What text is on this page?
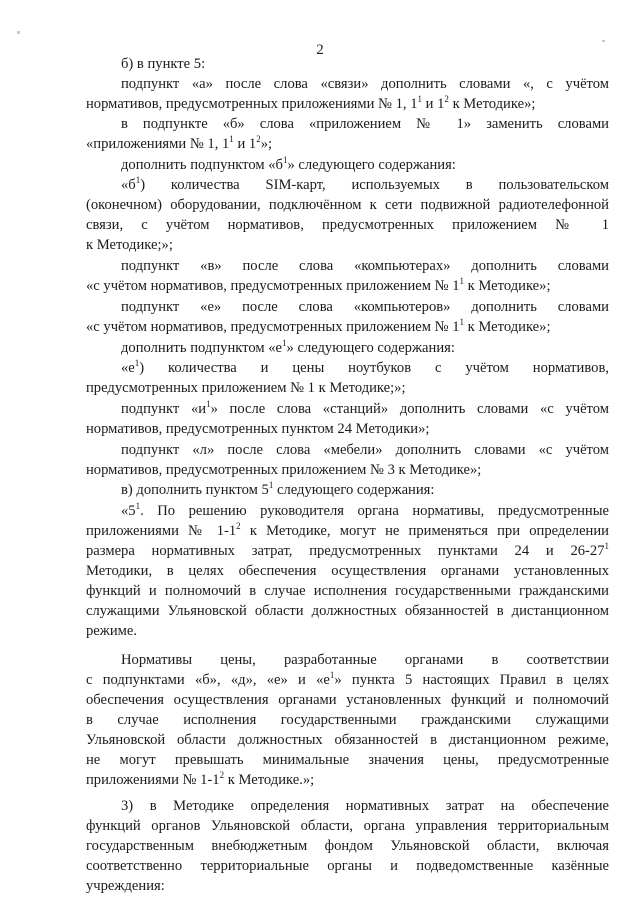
2
б) в пункте 5:
подпункт «а» после слова «связи» дополнить словами «, с учётом
нормативов, предусмотренных приложениями № 1, $1^1$ и $1^2$ к Методике»;
в подпункте «б» слова «приложением № 1» заменить словами
«приложениями № 1, $1^1$ и $1^2$»;
дополнить подпунктом «$б^1$» следующего содержания:
«$б^1$) количества SIM-карт, используемых в пользовательском
(оконечном) оборудовании, подключённом к сети подвижной радиотелефонной
связи, с учётом нормативов, предусмотренных приложением № 1
к Методике;»;
подпункт «в» после слова «компьютерах» дополнить словами
«с учётом нормативов, предусмотренных приложением № $1^1$ к Методике»;
подпункт «е» после слова «компьютеров» дополнить словами
«с учётом нормативов, предусмотренных приложением № $1^1$ к Методике»;
дополнить подпунктом «$е^1$» следующего содержания:
«$е^1$) количества и цены ноутбуков с учётом нормативов,
предусмотренных приложением № 1 к Методике;»;
подпункт «$и^1$» после слова «станций» дополнить словами «с учётом
нормативов, предусмотренных пунктом 24 Методики»;
подпункт «л» после слова «мебели» дополнить словами «с учётом
нормативов, предусмотренных приложением № 3 к Методике»;
в) дополнить пунктом $5^1$ следующего содержания:
«$5^1$. По решению руководителя органа нормативы, предусмотренные
приложениями № $1-1^2$ к Методике, могут не применяться при определении
размера нормативных затрат, предусмотренных пунктами 24 и $26-27^1$
Методики, в целях обеспечения осуществления органами установленных
функций и полномочий в случае исполнения государственными гражданскими
служащими Ульяновской области должностных обязанностей в дистанционном
режиме.
Нормативы цены, разработанные органами в соответствии
с подпунктами «б», «д», «е» и «$е^1$» пункта 5 настоящих Правил в целях
обеспечения осуществления органами установленных функций и полномочий
в случае исполнения государственными гражданскими служащими
Ульяновской области должностных обязанностей в дистанционном режиме,
не могут превышать минимальные значения цены, предусмотренные
приложениями № $1-1^2$ к Методике.»;
3) в Методике определения нормативных затрат на обеспечение
функций органов Ульяновской области, органа управления территориальным
государственным внебюджетным фондом Ульяновской области, включая
соответственно территориальные органы и подведомственные казённые
учреждения:
